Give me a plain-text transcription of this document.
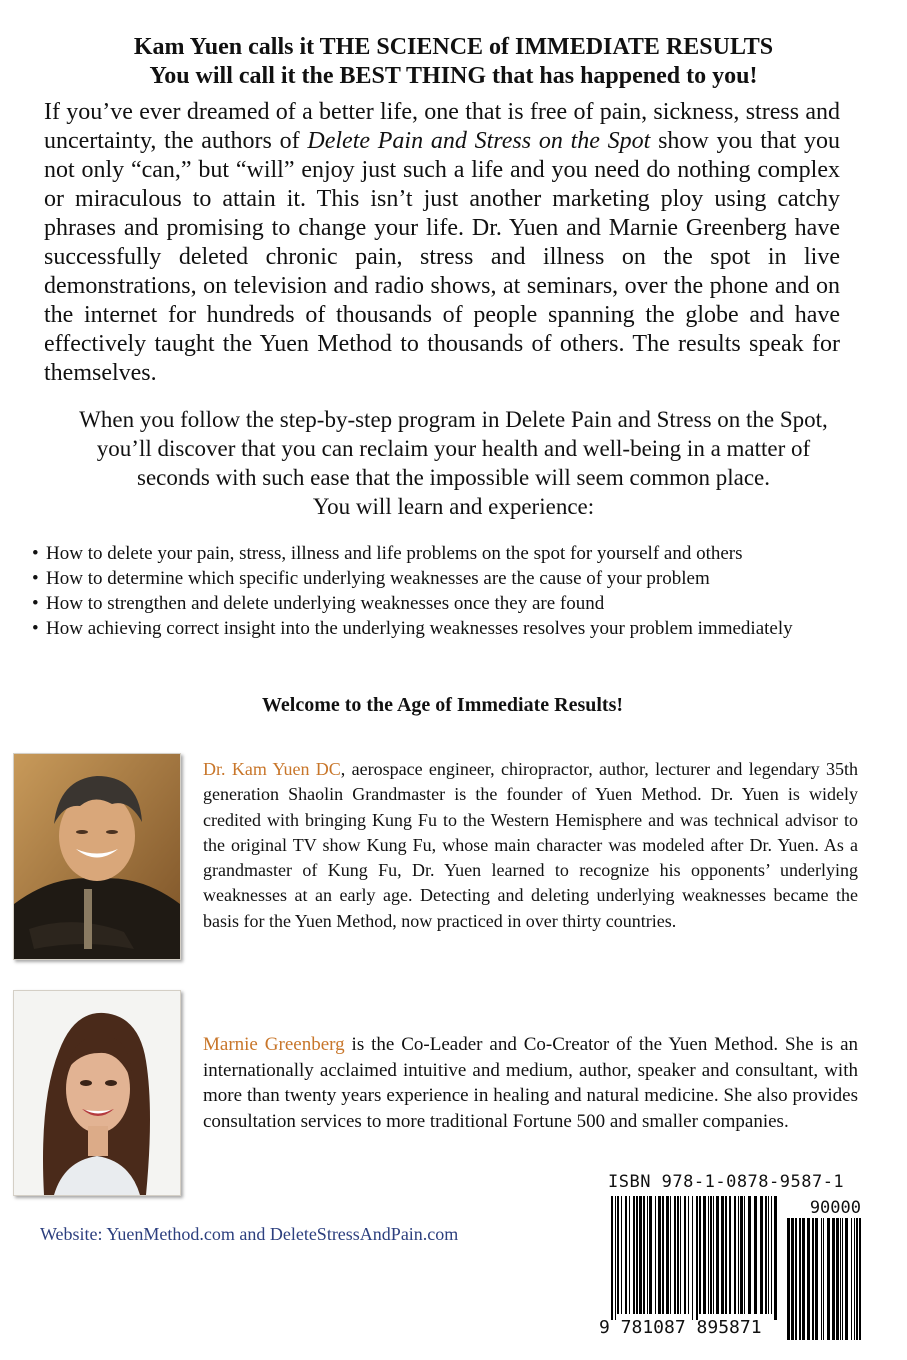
Kam Yuen calls it THE SCIENCE of IMMEDIATE RESULTS
You will call it the BEST THING that has happened to you!

If you’ve ever dreamed of a better life, one that is free of pain, sickness, stress and uncertainty, the authors of Delete Pain and Stress on the Spot show you that you not only “can,” but “will” enjoy just such a life and you need do nothing complex or miraculous to attain it. This isn’t just another marketing ploy using catchy phrases and promising to change your life. Dr. Yuen and Marnie Greenberg have successfully deleted chronic pain, stress and illness on the spot in live demonstrations, on television and radio shows, at seminars, over the phone and on the internet for hundreds of thousands of people spanning the globe and have effectively taught the Yuen Method to thousands of others. The results speak for themselves.

When you follow the step-by-step program in Delete Pain and Stress on the Spot,
you’ll discover that you can reclaim your health and well-being in a matter of
seconds with such ease that the impossible will seem common place.
You will learn and experience:
• How to delete your pain, stress, illness and life problems on the spot for yourself and others
• How to determine which specific underlying weaknesses are the cause of your problem
• How to strengthen and delete underlying weaknesses once they are found
• How achieving correct insight into the underlying weaknesses resolves your problem immediately
Welcome to the Age of Immediate Results!

Dr. Kam Yuen DC, aerospace engineer, chiropractor, author, lecturer and legendary 35th generation Shaolin Grandmaster is the founder of Yuen Method. Dr. Yuen is widely credited with bringing Kung Fu to the Western Hemisphere and was technical advisor to the original TV show Kung Fu, whose main character was modeled after Dr. Yuen. As a grandmaster of Kung Fu, Dr. Yuen learned to recognize his opponents’ underlying weaknesses at an early age. Detecting and deleting underlying weaknesses became the basis for the Yuen Method, now practiced in over thirty countries.

Marnie Greenberg is the Co-Leader and Co-Creator of the Yuen Method. She is an internationally acclaimed intuitive and medium, author, speaker and consultant, with more than twenty years experience in healing and natural medicine. She also provides consultation services to more traditional Fortune 500 and smaller companies.

Website: YuenMethod.com and DeleteStressAndPain.com
ISBN 978-1-0878-9587-1
90000
9 781087 895871
